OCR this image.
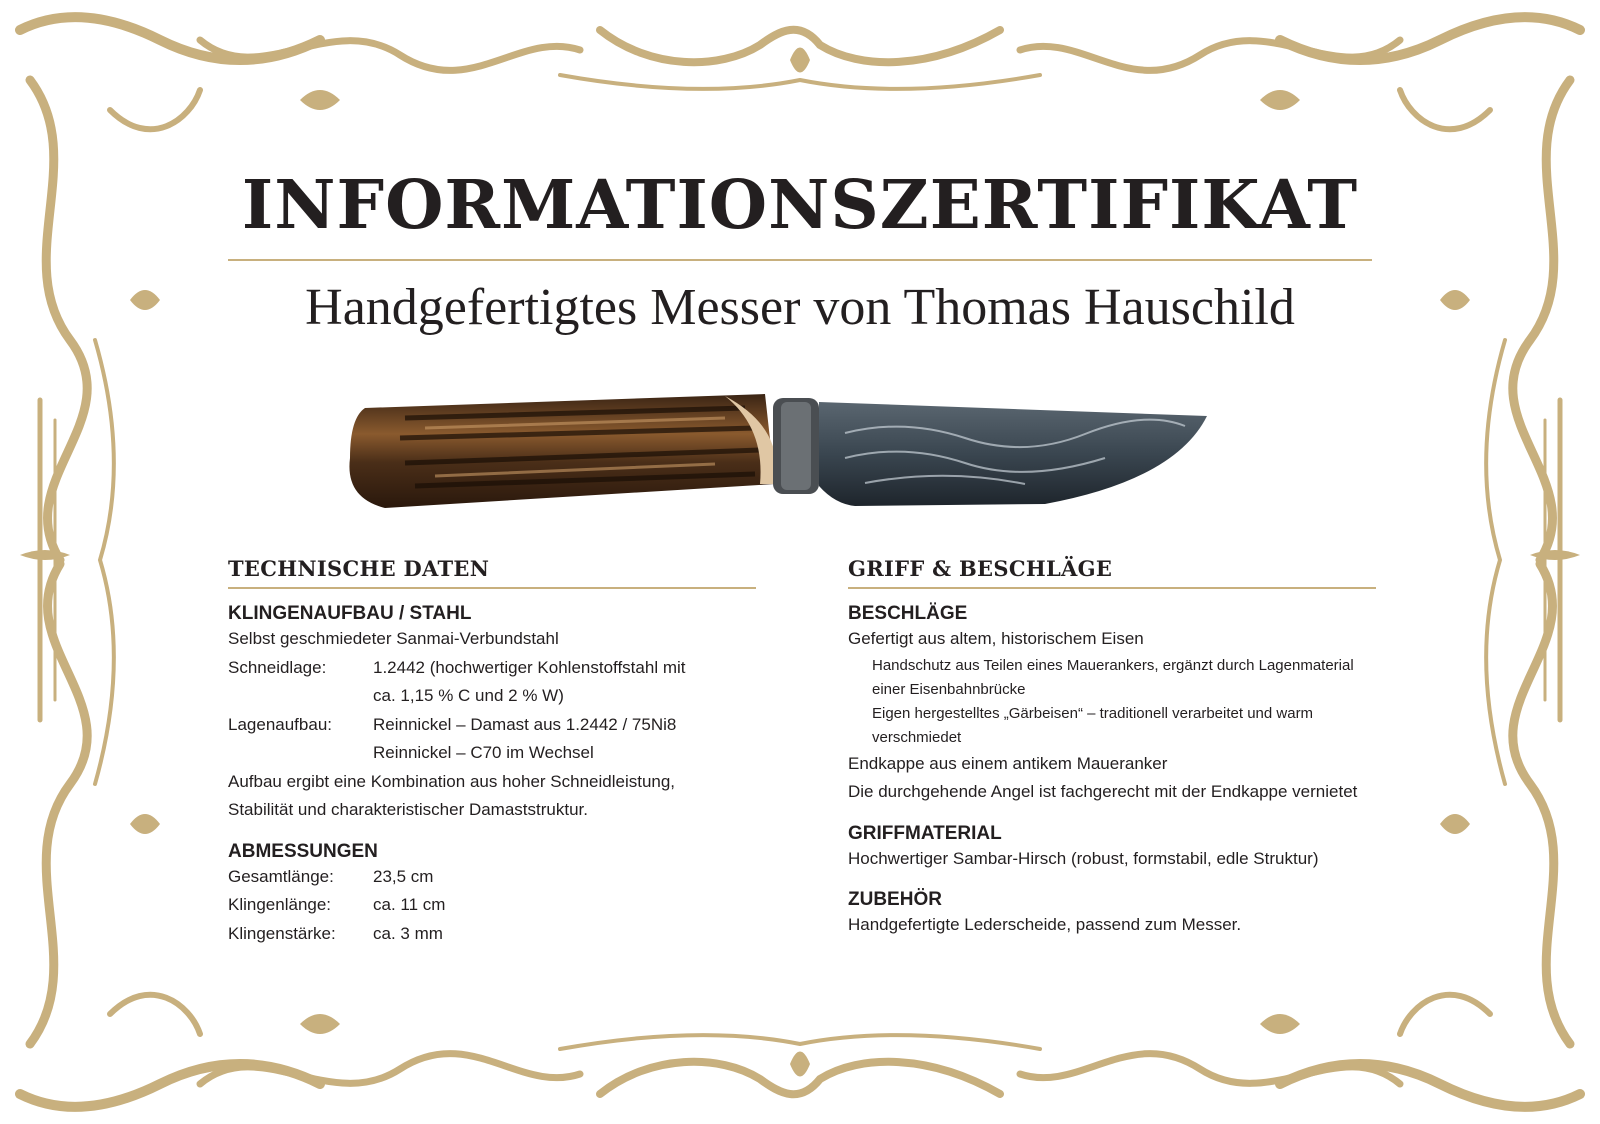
INFORMATIONSZERTIFIKAT
Handgefertigtes Messer von Thomas Hauschild
TECHNISCHE DATEN
KLINGENAUFBAU / STAHL

Selbst geschmiedeter Sanmai-Verbundstahl

Schneidlage:	1.2442 (hochwertiger Kohlenstoffstahl mit
ca. 1,15 % C und 2 % W)
Lagenaufbau:	Reinnickel – Damast aus 1.2442 / 75Ni8
Reinnickel – C70 im Wechsel

Aufbau ergibt eine Kombination aus hoher Schneidleistung,

Stabilität und charakteristischer Damaststruktur.

ABMESSUNGEN
Gesamtlänge:	23,5 cm
Klingenlänge:	ca. 11 cm
Klingenstärke:	ca. 3 mm
GRIFF & BESCHLÄGE
BESCHLÄGE

Gefertigt aus altem, historischem Eisen

Handschutz aus Teilen eines Mauerankers, ergänzt durch Lagenmaterial

einer Eisenbahnbrücke

Eigen hergestelltes „Gärbeisen“ – traditionell verarbeitet und warm

verschmiedet

Endkappe aus einem antikem Maueranker

Die durchgehende Angel ist fachgerecht mit der Endkappe vernietet

GRIFFMATERIAL

Hochwertiger Sambar-Hirsch (robust, formstabil, edle Struktur)

ZUBEHÖR

Handgefertigte Lederscheide, passend zum Messer.
